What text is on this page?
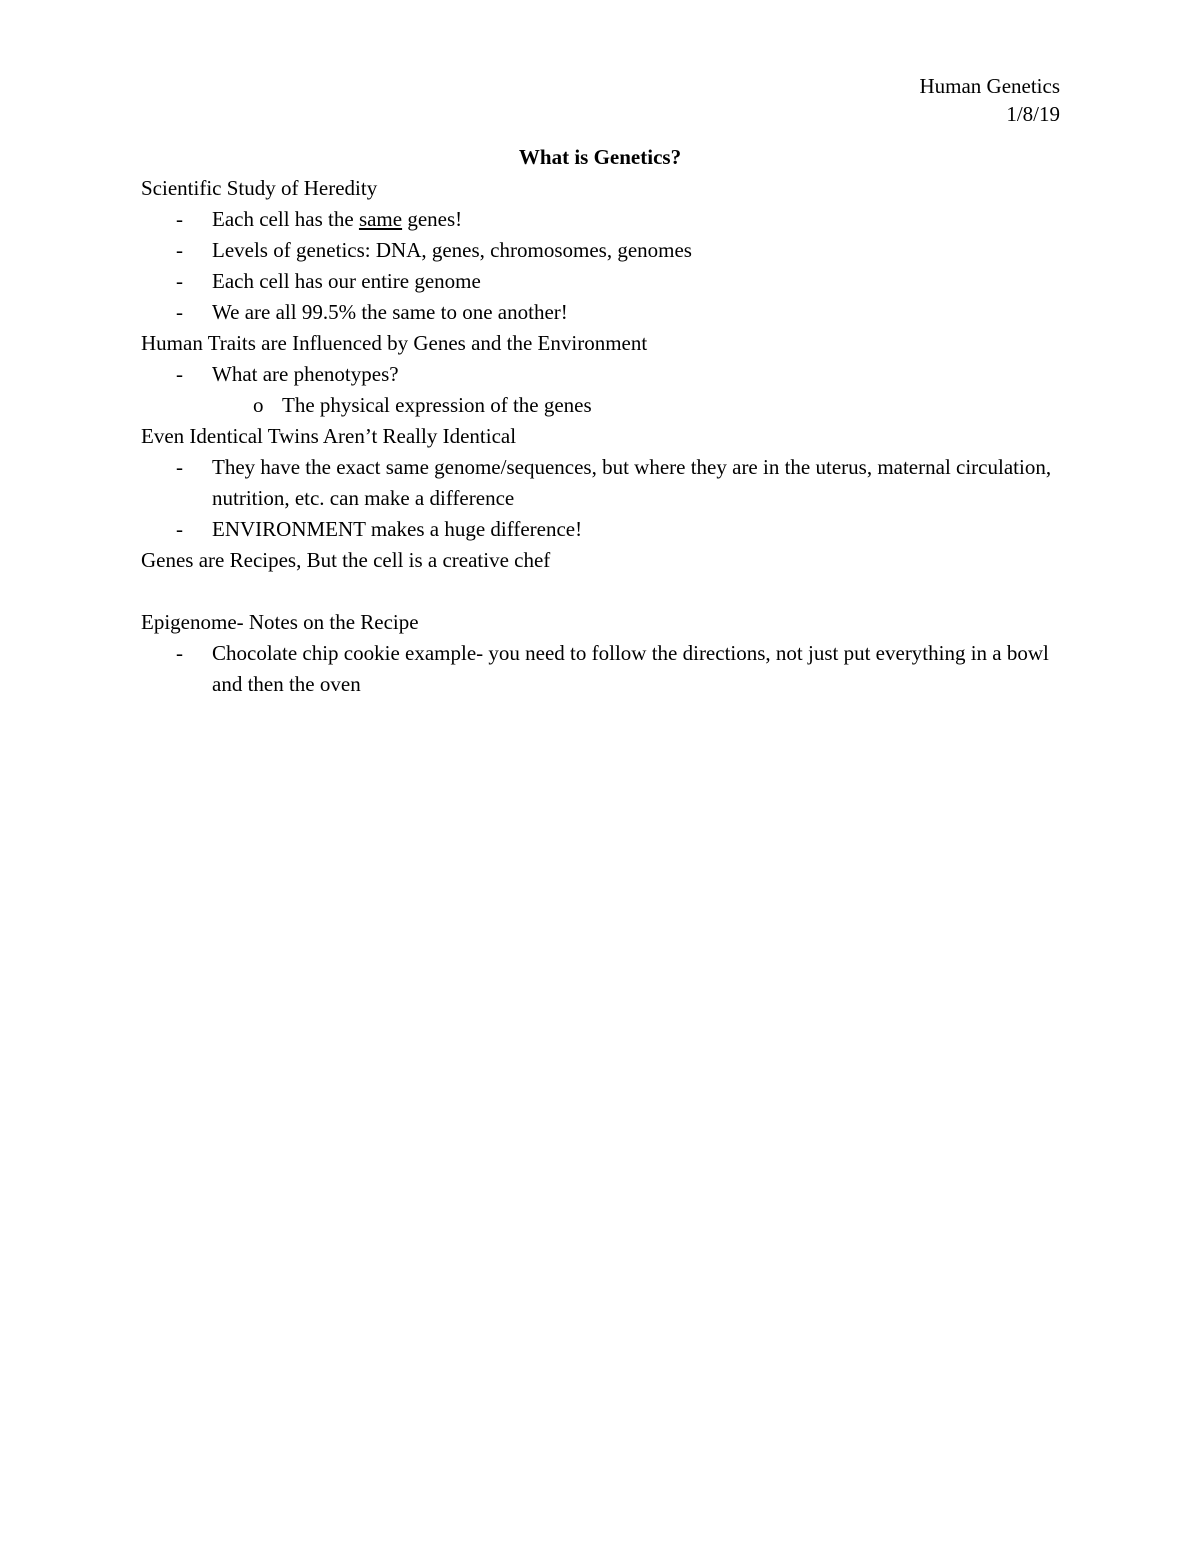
Human Genetics
1/8/19
What is Genetics?
Scientific Study of Heredity
- Each cell has the same genes!
- Levels of genetics: DNA, genes, chromosomes, genomes
- Each cell has our entire genome
- We are all 99.5% the same to one another!
Human Traits are Influenced by Genes and the Environment
- What are phenotypes?
o The physical expression of the genes
Even Identical Twins Aren’t Really Identical
- They have the exact same genome/sequences, but where they are in the uterus, maternal circulation, nutrition, etc. can make a difference
- ENVIRONMENT makes a huge difference!
Genes are Recipes, But the cell is a creative chef
Epigenome- Notes on the Recipe
- Chocolate chip cookie example- you need to follow the directions, not just put everything in a bowl and then the oven
